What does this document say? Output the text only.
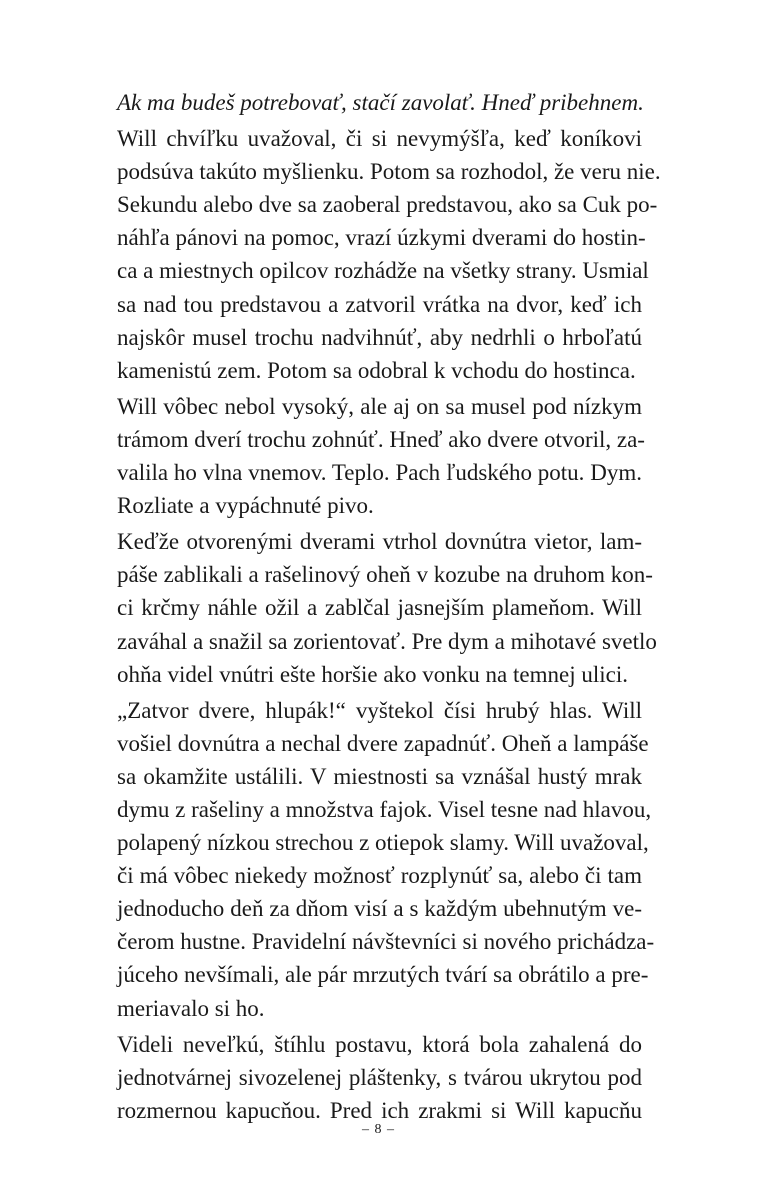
Ak ma budeš potrebovať, stačí zavolať. Hneď pribehnem.
Will chvíľku uvažoval, či si nevymýšľa, keď koníkovi
podsúva takúto myšlienku. Potom sa rozhodol, že veru nie.
Sekundu alebo dve sa zaoberal predstavou, ako sa Cuk po-
náhľa pánovi na pomoc, vrazí úzkymi dverami do hostin-
ca a miestnych opilcov rozhádže na všetky strany. Usmial
sa nad tou predstavou a zatvoril vrátka na dvor, keď ich
najskôr musel trochu nadvihnúť, aby nedrhli o hrboľatú
kamenistú zem. Potom sa odobral k vchodu do hostinca.
Will vôbec nebol vysoký, ale aj on sa musel pod nízkym
trámom dverí trochu zohnúť. Hneď ako dvere otvoril, za-
valila ho vlna vnemov. Teplo. Pach ľudského potu. Dym.
Rozliate a vypáchnuté pivo.
Keďže otvorenými dverami vtrhol dovnútra vietor, lam-
páše zablikali a rašelinový oheň v kozube na druhom kon-
ci krčmy náhle ožil a zablčal jasnejším plameňom. Will
zaváhal a snažil sa zorientovať. Pre dym a mihotavé svetlo
ohňa videl vnútri ešte horšie ako vonku na temnej ulici.
„Zatvor dvere, hlupák!“ vyštekol čísi hrubý hlas. Will
vošiel dovnútra a nechal dvere zapadnúť. Oheň a lampáše
sa okamžite ustálili. V miestnosti sa vznášal hustý mrak
dymu z rašeliny a množstva fajok. Visel tesne nad hlavou,
polapený nízkou strechou z otiepok slamy. Will uvažoval,
či má vôbec niekedy možnosť rozplynúť sa, alebo či tam
jednoducho deň za dňom visí a s každým ubehnutým ve-
čerom hustne. Pravidelní návštevníci si nového prichádza-
júceho nevšímali, ale pár mrzutých tvárí sa obrátilo a pre-
meriavalo si ho.
Videli neveľkú, štíhlu postavu, ktorá bola zahalená do
jednotvárnej sivozelenej pláštenky, s tvárou ukrytou pod
rozmernou kapucňou. Pred ich zrakmi si Will kapucňu
– 8 –
